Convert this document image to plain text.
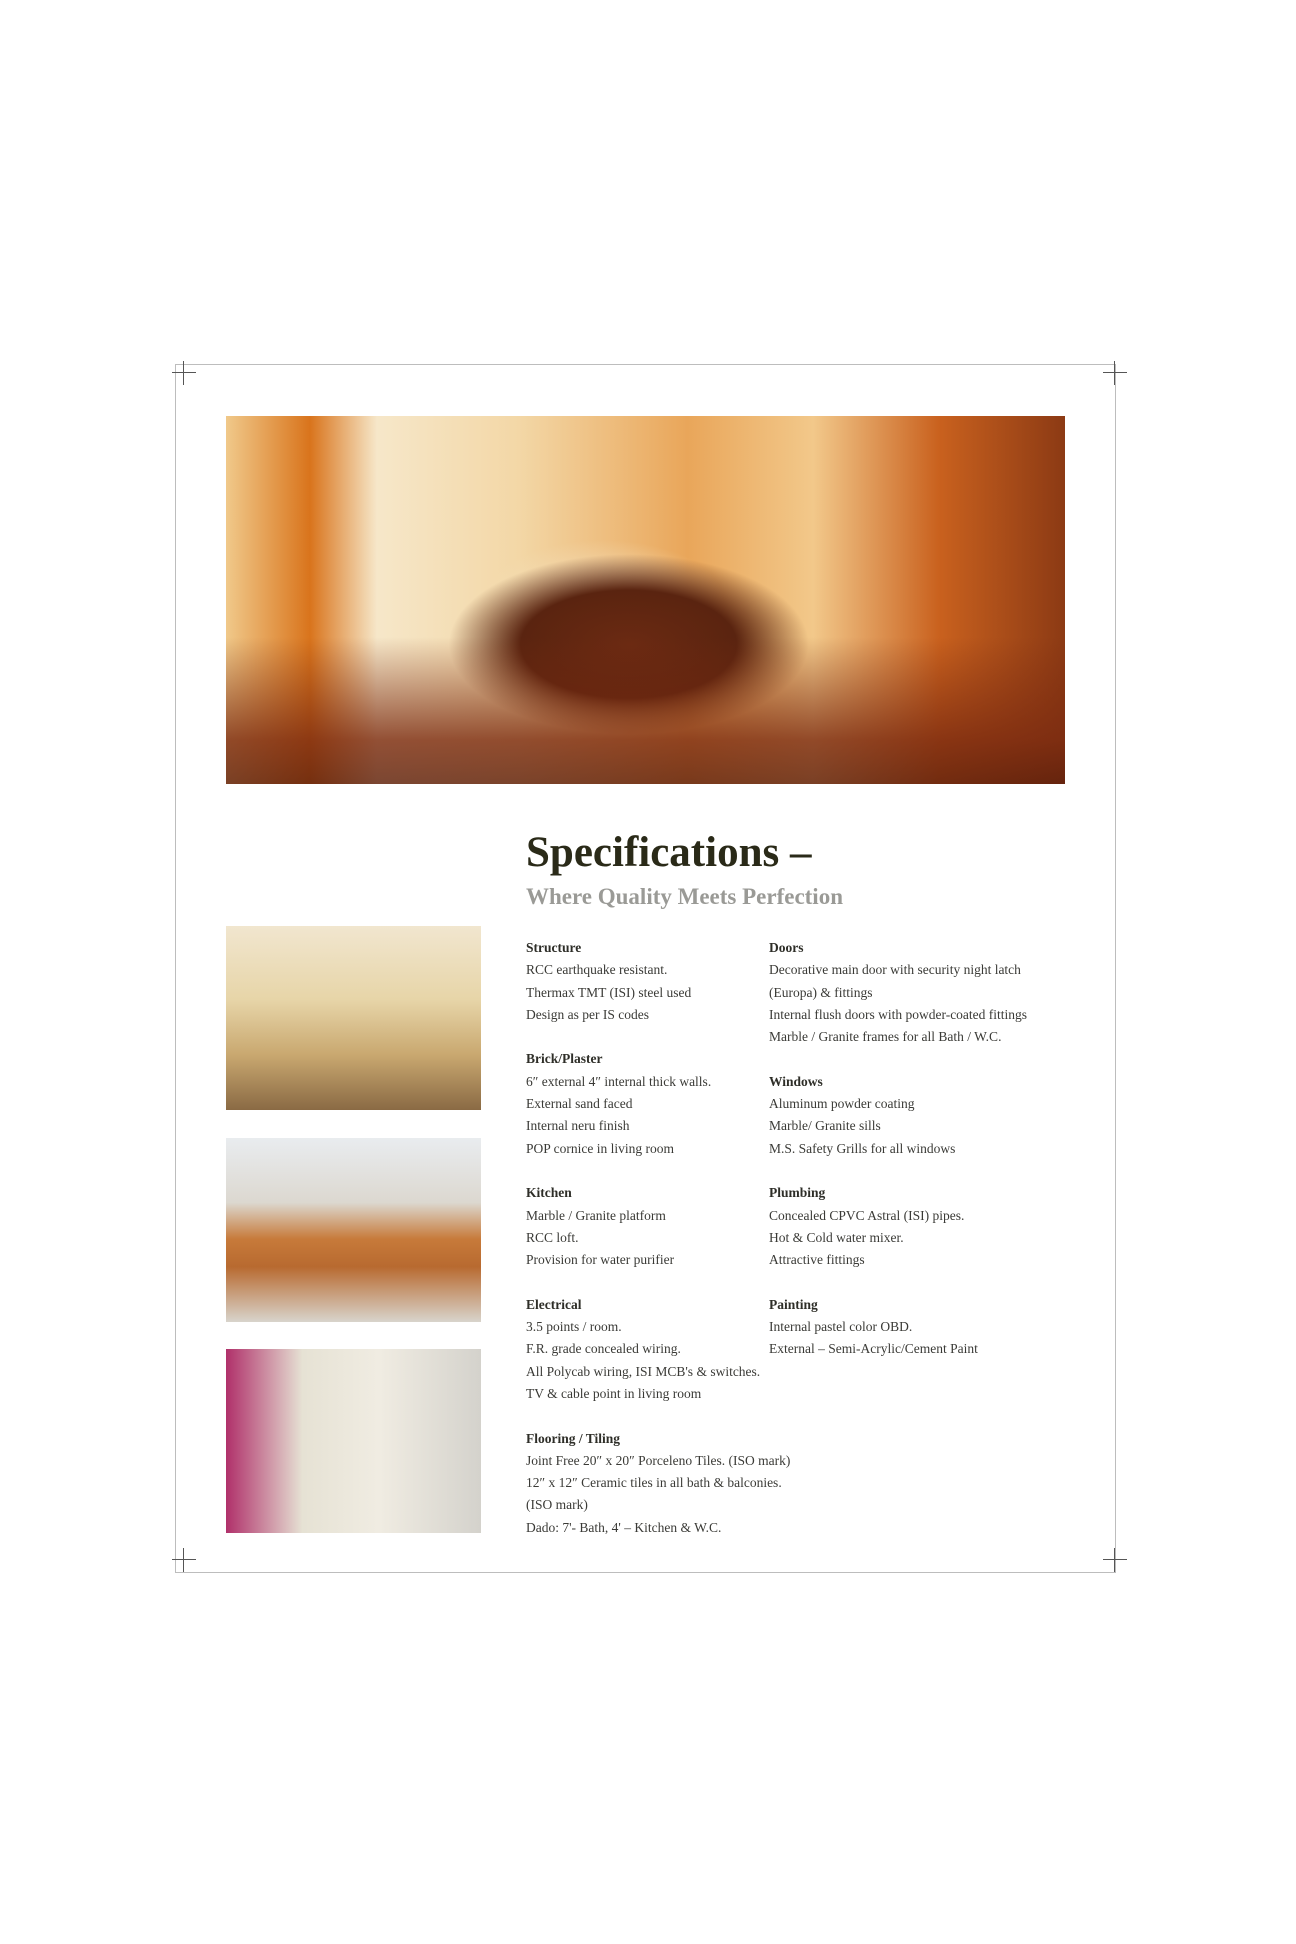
Specifications –
Where Quality Meets Perfection
Structure
RCC earthquake resistant.
Thermax TMT (ISI) steel used
Design as per IS codes
Brick/Plaster
6″ external 4″ internal thick walls.
External sand faced
Internal neru finish
POP cornice in living room
Kitchen
Marble / Granite platform
RCC loft.
Provision for water purifier
Electrical
3.5 points / room.
F.R. grade concealed wiring.
All Polycab wiring, ISI MCB's & switches.
TV & cable point in living room
Flooring / Tiling
Joint Free 20″ x 20″ Porceleno Tiles. (ISO mark)
12″ x 12″ Ceramic tiles in all bath & balconies.
(ISO mark)
Dado: 7'- Bath, 4' – Kitchen & W.C.
Doors
Decorative main door with security night latch
(Europa) & fittings
Internal flush doors with powder-coated fittings
Marble / Granite frames for all Bath / W.C.
Windows
Aluminum powder coating
Marble/ Granite sills
M.S. Safety Grills for all windows
Plumbing
Concealed CPVC Astral (ISI) pipes.
Hot & Cold water mixer.
Attractive fittings
Painting
Internal pastel color OBD.
External – Semi-Acrylic/Cement Paint
